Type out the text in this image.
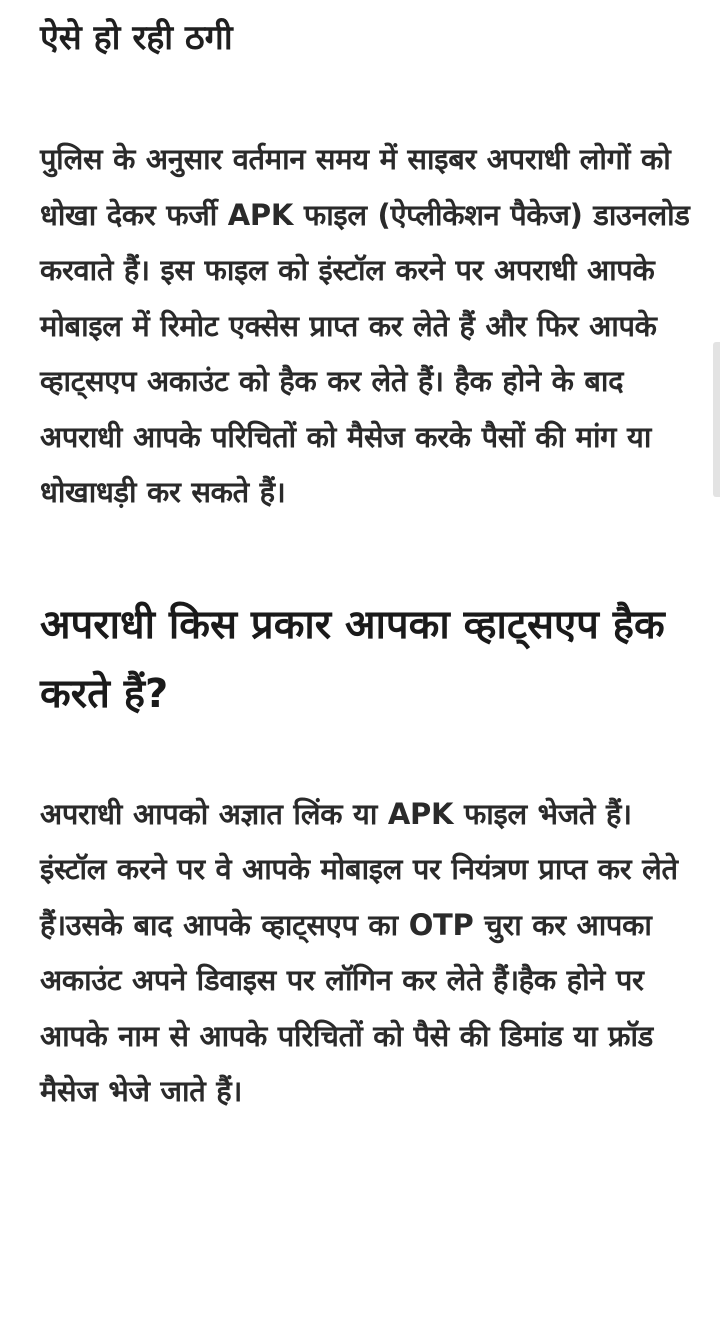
ऐसे हो रही ठगी

पुलिस के अनुसार वर्तमान समय में साइबर अपराधी लोगों को धोखा देकर फर्जी APK फाइल (ऐप्लीकेशन पैकेज) डाउनलोड करवाते हैं। इस फाइल को इंस्टॉल करने पर अपराधी आपके मोबाइल में रिमोट एक्सेस प्राप्त कर लेते हैं और फिर आपके व्हाट्सएप अकाउंट को हैक कर लेते हैं। हैक होने के बाद अपराधी आपके परिचितों को मैसेज करके पैसों की मांग या धोखाधड़ी कर सकते हैं।

अपराधी किस प्रकार आपका व्हाट्सएप हैक करते हैं?

अपराधी आपको अज्ञात लिंक या APK फाइल भेजते हैं। इंस्टॉल करने पर वे आपके मोबाइल पर नियंत्रण प्राप्त कर लेते हैं।उसके बाद आपके व्हाट्सएप का OTP चुरा कर आपका अकाउंट अपने डिवाइस पर लॉगिन कर लेते हैं।हैक होने पर आपके नाम से आपके परिचितों को पैसे की डिमांड या फ्रॉड मैसेज भेजे जाते हैं।
